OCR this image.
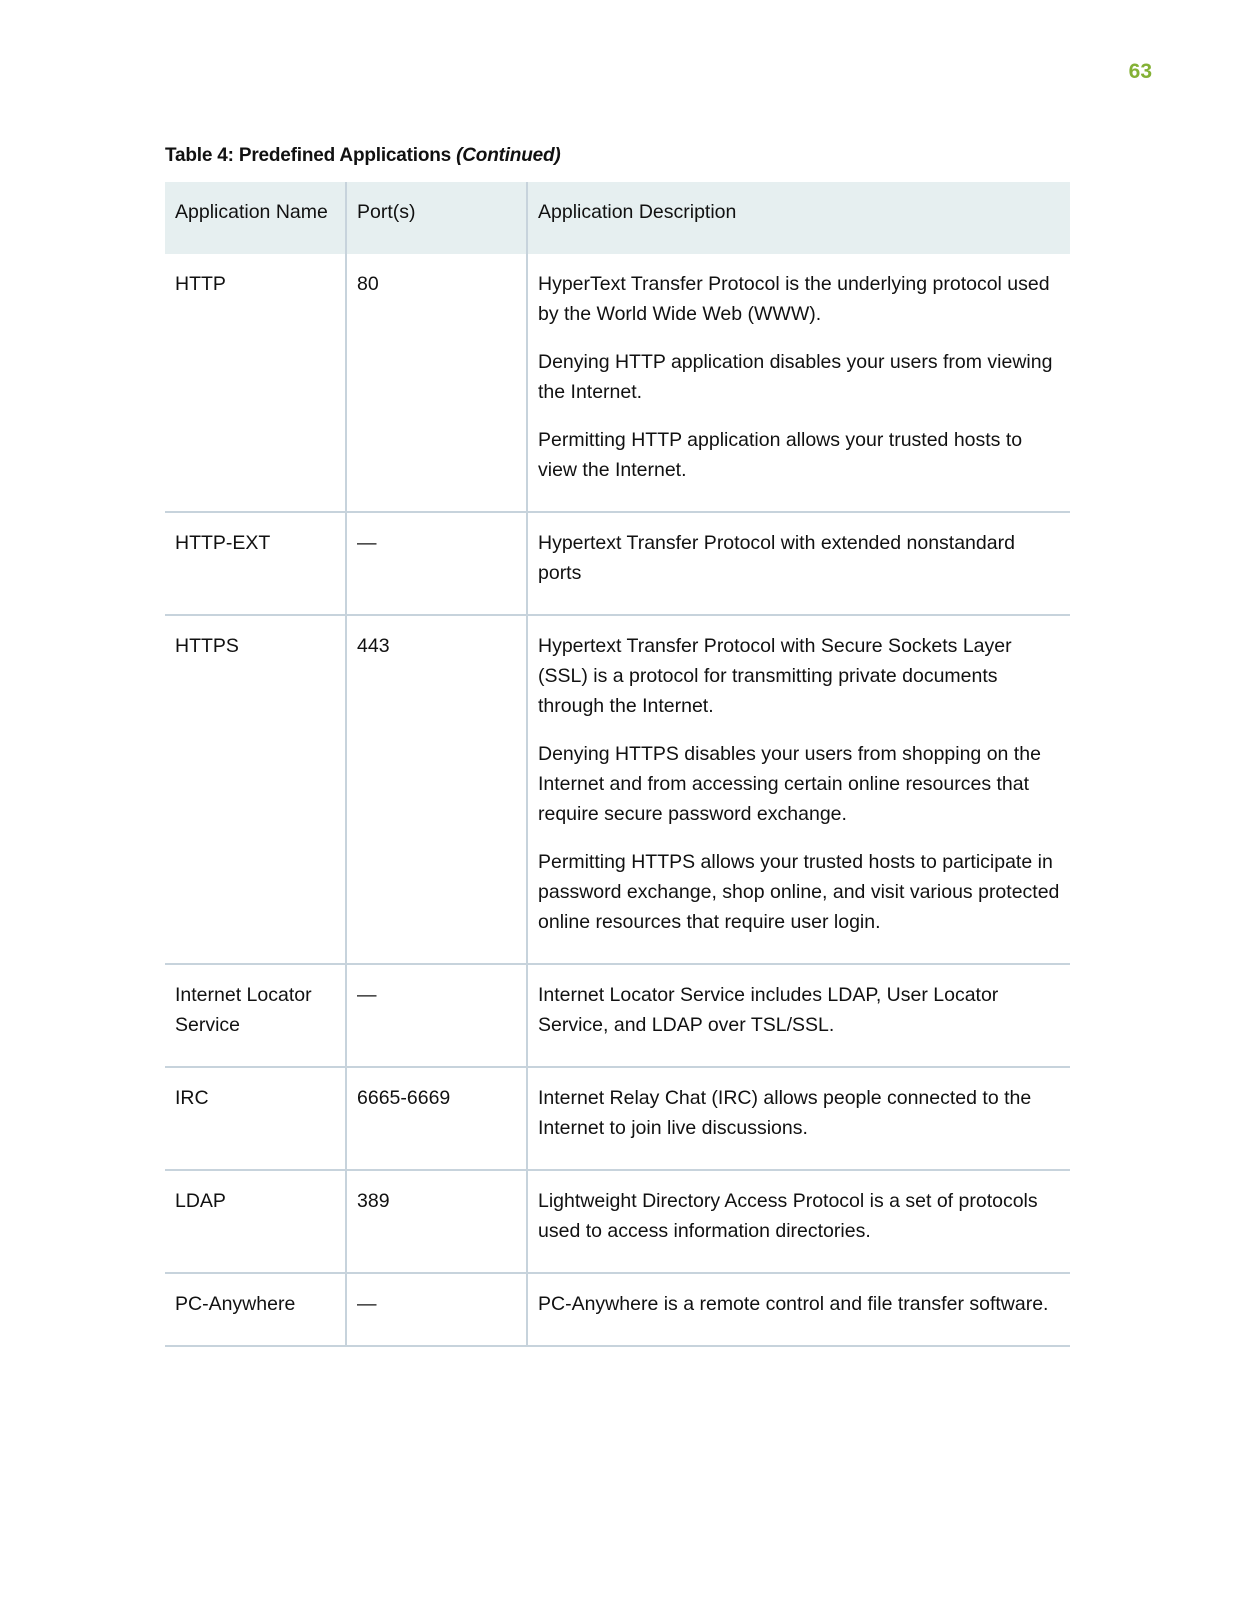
63
Table 4: Predefined Applications (Continued)
Application Name	Port(s)	Application Description
HTTP	80	HyperText Transfer Protocol is the underlying protocol used by the World Wide Web (WWW).

Denying HTTP application disables your users from viewing the Internet.

Permitting HTTP application allows your trusted hosts to view the Internet.

HTTP-EXT	—	Hypertext Transfer Protocol with extended nonstandard ports

HTTPS	443	Hypertext Transfer Protocol with Secure Sockets Layer (SSL) is a protocol for transmitting private documents through the Internet.

Denying HTTPS disables your users from shopping on the Internet and from accessing certain online resources that require secure password exchange.

Permitting HTTPS allows your trusted hosts to participate in password exchange, shop online, and visit various protected online resources that require user login.

Internet Locator Service	—	Internet Locator Service includes LDAP, User Locator Service, and LDAP over TSL/SSL.

IRC	6665-6669	Internet Relay Chat (IRC) allows people connected to the Internet to join live discussions.

LDAP	389	Lightweight Directory Access Protocol is a set of protocols used to access information directories.

PC-Anywhere	—	PC-Anywhere is a remote control and file transfer software.
